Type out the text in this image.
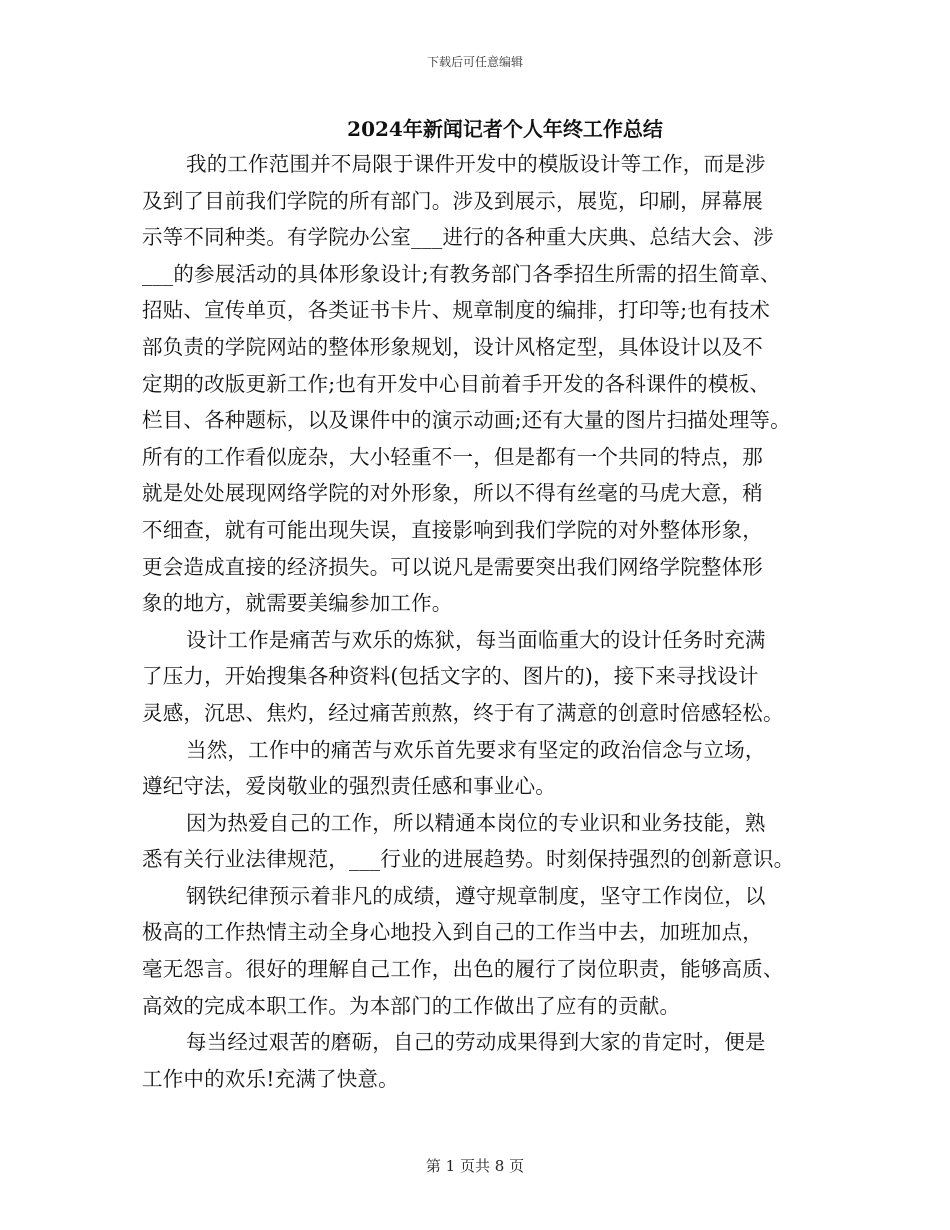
下载后可任意编辑
2024年新闻记者个人年终工作总结
我的工作范围并不局限于课件开发中的模版设计等工作，而是涉
及到了目前我们学院的所有部门。涉及到展示，展览，印刷，屏幕展
示等不同种类。有学院办公室___进行的各种重大庆典、总结大会、涉
___的参展活动的具体形象设计;有教务部门各季招生所需的招生简章、
招贴、宣传单页，各类证书卡片、规章制度的编排，打印等;也有技术
部负责的学院网站的整体形象规划，设计风格定型，具体设计以及不
定期的改版更新工作;也有开发中心目前着手开发的各科课件的模板、
栏目、各种题标，以及课件中的演示动画;还有大量的图片扫描处理等。
所有的工作看似庞杂，大小轻重不一，但是都有一个共同的特点，那
就是处处展现网络学院的对外形象，所以不得有丝毫的马虎大意，稍
不细查，就有可能出现失误，直接影响到我们学院的对外整体形象，
更会造成直接的经济损失。可以说凡是需要突出我们网络学院整体形
象的地方，就需要美编参加工作。
设计工作是痛苦与欢乐的炼狱，每当面临重大的设计任务时充满
了压力，开始搜集各种资料(包括文字的、图片的)，接下来寻找设计
灵感，沉思、焦灼，经过痛苦煎熬，终于有了满意的创意时倍感轻松。
当然，工作中的痛苦与欢乐首先要求有坚定的政治信念与立场，
遵纪守法，爱岗敬业的强烈责任感和事业心。
因为热爱自己的工作，所以精通本岗位的专业识和业务技能，熟
悉有关行业法律规范，___行业的进展趋势。时刻保持强烈的创新意识。
钢铁纪律预示着非凡的成绩，遵守规章制度，坚守工作岗位，以
极高的工作热情主动全身心地投入到自己的工作当中去，加班加点，
毫无怨言。很好的理解自己工作，出色的履行了岗位职责，能够高质、
高效的完成本职工作。为本部门的工作做出了应有的贡献。
每当经过艰苦的磨砺，自己的劳动成果得到大家的肯定时，便是
工作中的欢乐!充满了快意。
第 1 页共 8 页
